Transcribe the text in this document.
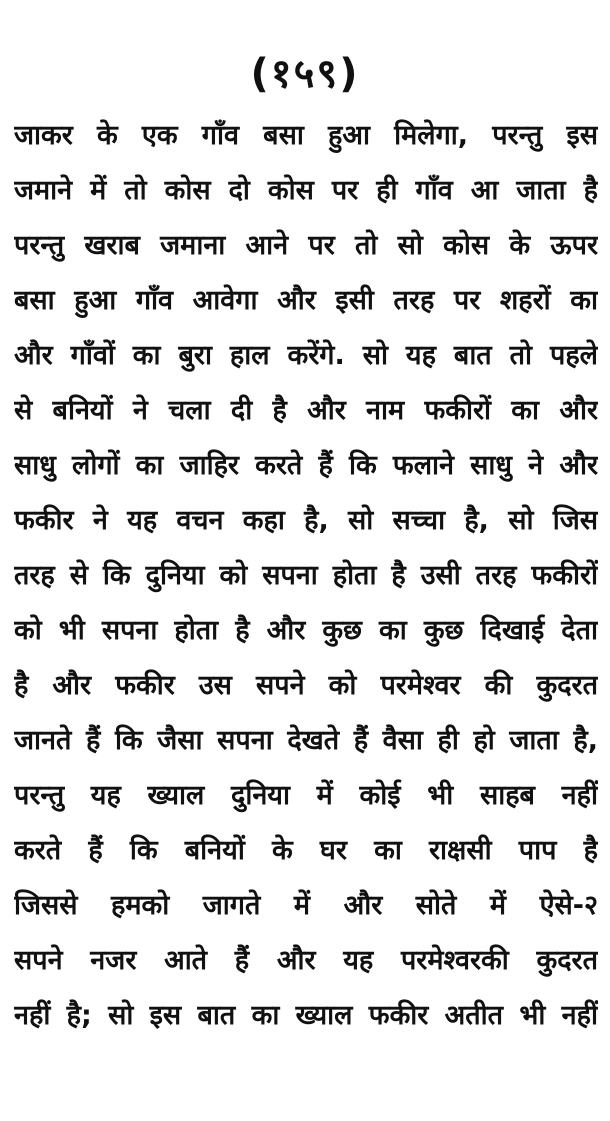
(१५९)
जाकर के एक गाँव बसा हुआ मिलेगा, परन्तु इस
जमाने में तो कोस दो कोस पर ही गाँव आ जाता है
परन्तु खराब जमाना आने पर तो सो कोस के ऊपर
बसा हुआ गाँव आवेगा और इसी तरह पर शहरों का
और गाँवों का बुरा हाल करेंगे. सो यह बात तो पहले
से बनियों ने चला दी है और नाम फकीरों का और
साधु लोगों का जाहिर करते हैं कि फलाने साधु ने और
फकीर ने यह वचन कहा है, सो सच्चा है, सो जिस
तरह से कि दुनिया को सपना होता है उसी तरह फकीरों
को भी सपना होता है और कुछ का कुछ दिखाई देता
है और फकीर उस सपने को परमेश्वर की कुदरत
जानते हैं कि जैसा सपना देखते हैं वैसा ही हो जाता है,
परन्तु यह ख्याल दुनिया में कोई भी साहब नहीं
करते हैं कि बनियों के घर का राक्षसी पाप है
जिससे हमको जागते में और सोते में ऐसे-२
सपने नजर आते हैं और यह परमेश्वरकी कुदरत
नहीं है; सो इस बात का ख्याल फकीर अतीत भी नहीं
